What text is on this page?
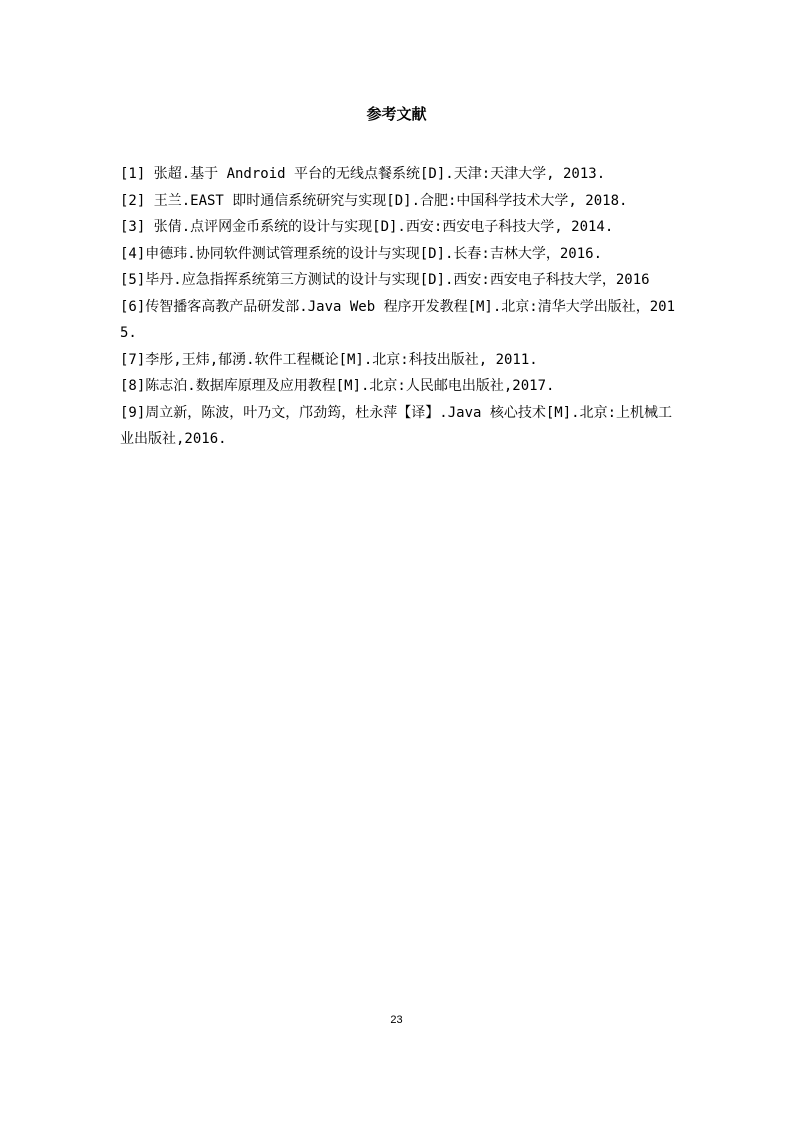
参考文献
[1] 张超.基于 Android 平台的无线点餐系统[D].天津:天津大学, 2013.
[2] 王兰.EAST 即时通信系统研究与实现[D].合肥:中国科学技术大学, 2018.
[3] 张倩.点评网金币系统的设计与实现[D].西安:西安电子科技大学, 2014.
[4]申德玮.协同软件测试管理系统的设计与实现[D].长春:吉林大学，2016.
[5]毕丹.应急指挥系统第三方测试的设计与实现[D].西安:西安电子科技大学，2016
[6]传智播客高教产品研发部.Java Web 程序开发教程[M].北京:清华大学出版社，2015.
[7]李彤,王炜,郁湧.软件工程概论[M].北京:科技出版社, 2011.
[8]陈志泊.数据库原理及应用教程[M].北京:人民邮电出版社,2017.
[9]周立新，陈波，叶乃文，邝劲筠，杜永萍【译】.Java 核心技术[M].北京:上机械工业出版社,2016.
23
